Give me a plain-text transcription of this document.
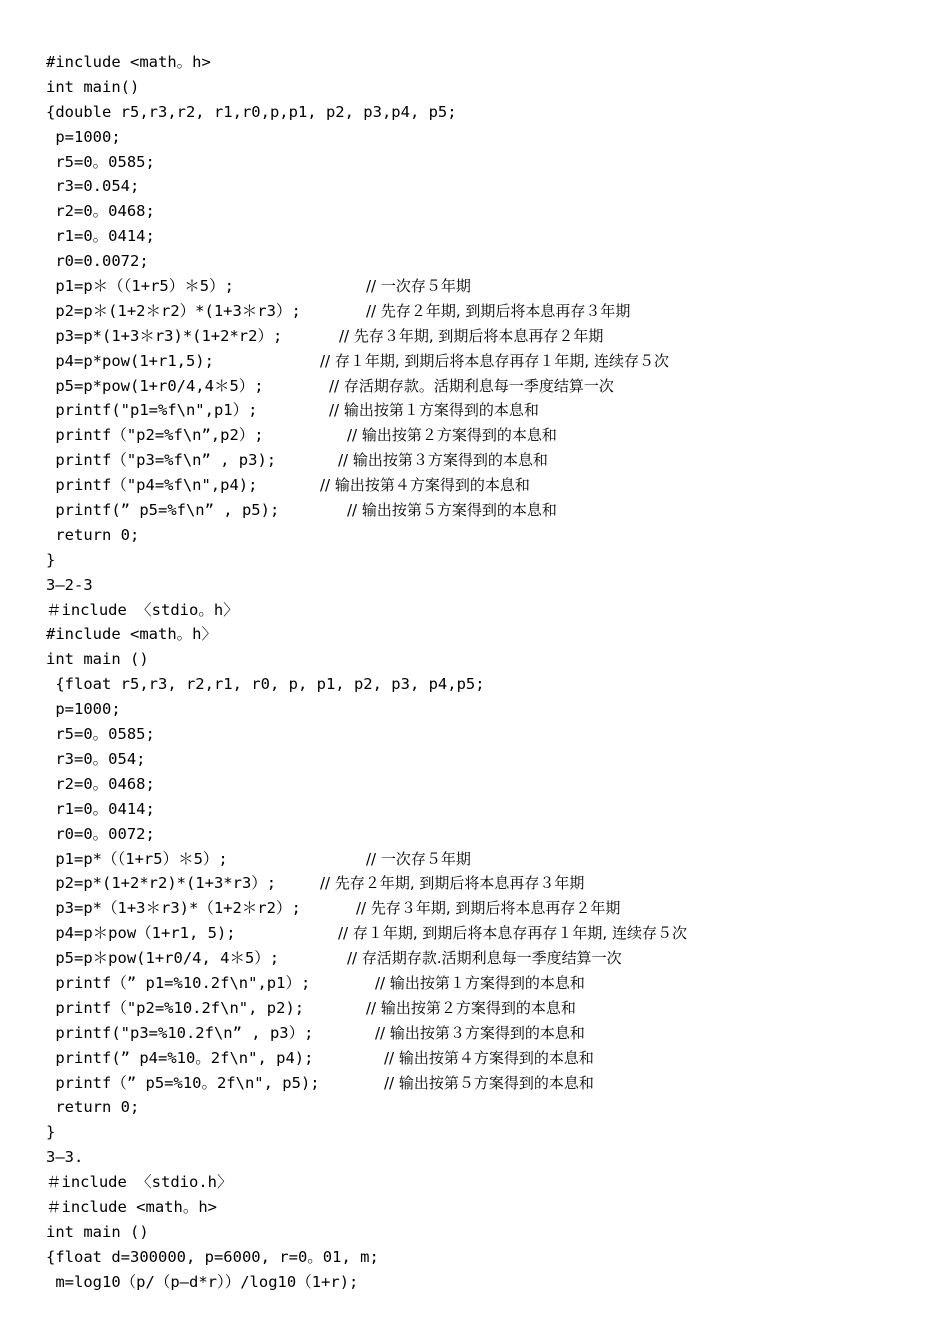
#include <math。h>
int main()
{double r5,r3,r2, r1,r0,p,p1, p2, p3,p4, p5;
p=1000;
r5=0。0585;
r3=0.054;
r2=0。0468;
r1=0。0414;
r0=0.0072;
p1=p＊（（1+r5）＊5）;	// 一次存５年期
p2=p＊(1+2＊r2）*(1+3＊r3）;	// 先存２年期, 到期后将本息再存３年期
p3=p*(1+3＊r3)*(1+2*r2）;	// 先存３年期, 到期后将本息再存２年期
p4=p*pow(1+r1,5);	// 存１年期, 到期后将本息存再存１年期, 连续存５次
p5=p*pow(1+r0/4,4＊5）;	// 存活期存款。活期利息每一季度结算一次
printf("p1=%f\n",p1）;	// 输出按第１方案得到的本息和
printf（"p2=%f\n”,p2）;	// 输出按第２方案得到的本息和
printf（"p3=%f\n” , p3);	// 输出按第３方案得到的本息和
printf（"p4=%f\n",p4);	// 输出按第４方案得到的本息和
printf(” p5=%f\n” , p5);	// 输出按第５方案得到的本息和
return 0;
}
3—2-3
＃include 〈stdio。h〉
#include <math。h〉
int main ()
{float r5,r3, r2,r1, r0, p, p1, p2, p3, p4,p5;
p=1000;
r5=0。0585;
r3=0。054;
r2=0。0468;
r1=0。0414;
r0=0。0072;
p1=p*（（1+r5）＊5）;	// 一次存５年期
p2=p*(1+2*r2)*(1+3*r3）;	// 先存２年期, 到期后将本息再存３年期
p3=p*（1+3＊r3)*（1+2＊r2）;	// 先存３年期, 到期后将本息再存２年期
p4=p＊pow（1+r1, 5);	// 存１年期, 到期后将本息存再存１年期, 连续存５次
p5=p＊pow(1+r0/4, 4＊5）;	// 存活期存款.活期利息每一季度结算一次
printf（” p1=%10.2f\n",p1）;	// 输出按第１方案得到的本息和
printf（"p2=%10.2f\n", p2);	// 输出按第２方案得到的本息和
printf("p3=%10.2f\n” , p3）;	// 输出按第３方案得到的本息和
printf(” p4=%10。2f\n", p4);	// 输出按第４方案得到的本息和
printf（” p5=%10。2f\n", p5);	// 输出按第５方案得到的本息和
return 0;
}
3—3.
＃include 〈stdio.h〉
＃include <math。h>
int main ()
{float d=300000, p=6000, r=0。01, m;
m=log10（p/（p—d*r））/log10（1+r);
